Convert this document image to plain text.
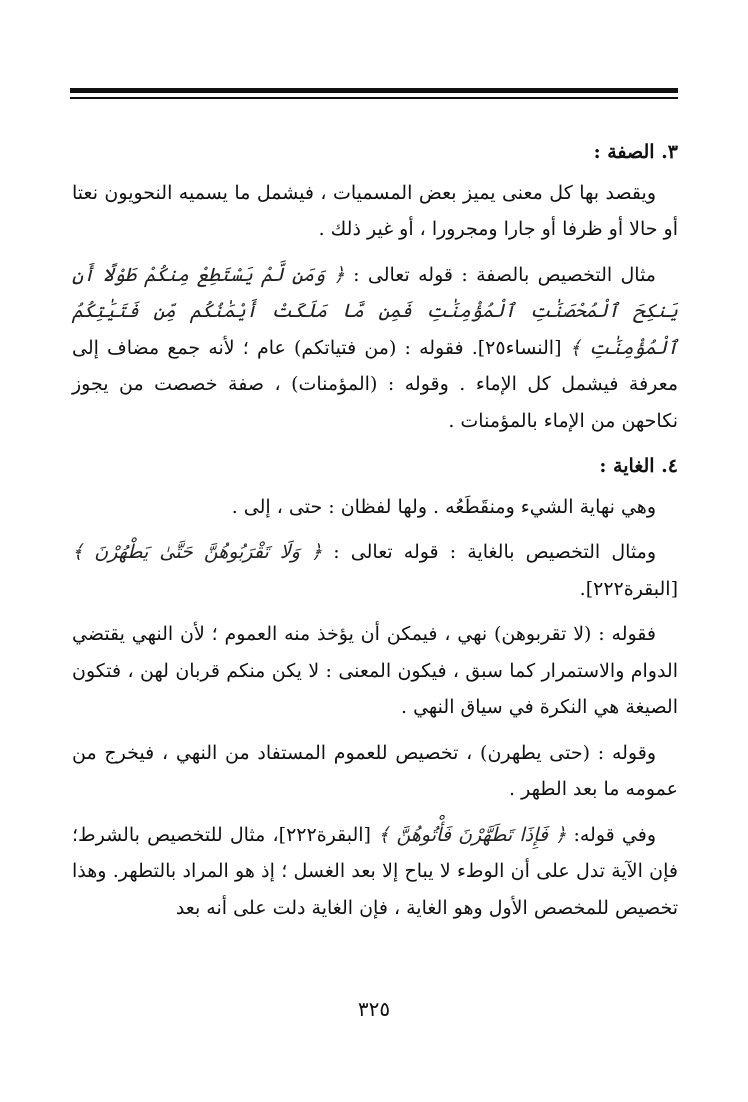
٣. الصفة :

ويقصد بها كل معنى يميز بعض المسميات ، فيشمل ما يسميه النحويون نعتا أو حالا أو ظرفا أو جارا ومجرورا ، أو غير ذلك .

مثال التخصيص بالصفة : قوله تعالى : ﴿ وَمَن لَّمْ يَسْتَطِعْ مِنكُمْ طَوْلًا أَن يَنكِحَ ٱلْمُحْصَنَٰتِ ٱلْمُؤْمِنَٰتِ فَمِن مَّا مَلَكَتْ أَيْمَٰنُكُم مِّن فَتَيَٰتِكُمُ ٱلْمُؤْمِنَٰتِ ﴾ [النساء٢٥]. فقوله : (من فتياتكم) عام ؛ لأنه جمع مضاف إلى معرفة فيشمل كل الإماء . وقوله : (المؤمنات) ، صفة خصصت من يجوز نكاحهن من الإماء بالمؤمنات .

٤. الغاية :

وهي نهاية الشيء ومنقَطَعُه . ولها لفظان : حتى ، إلى .

ومثال التخصيص بالغاية : قوله تعالى : ﴿ وَلَا تَقْرَبُوهُنَّ حَتَّىٰ يَطْهُرْنَ ﴾ [البقرة٢٢٢].

فقوله : (لا تقربوهن) نهي ، فيمكن أن يؤخذ منه العموم ؛ لأن النهي يقتضي الدوام والاستمرار كما سبق ، فيكون المعنى : لا يكن منكم قربان لهن ، فتكون الصيغة هي النكرة في سياق النهي .

وقوله : (حتى يطهرن) ، تخصيص للعموم المستفاد من النهي ، فيخرج من عمومه ما بعد الطهر .

وفي قوله: ﴿ فَإِذَا تَطَهَّرْنَ فَأْتُوهُنَّ ﴾ [البقرة٢٢٢]، مثال للتخصيص بالشرط؛ فإن الآية تدل على أن الوطء لا يباح إلا بعد الغسل ؛ إذ هو المراد بالتطهر. وهذا تخصيص للمخصص الأول وهو الغاية ، فإن الغاية دلت على أنه بعد

٣٢٥
